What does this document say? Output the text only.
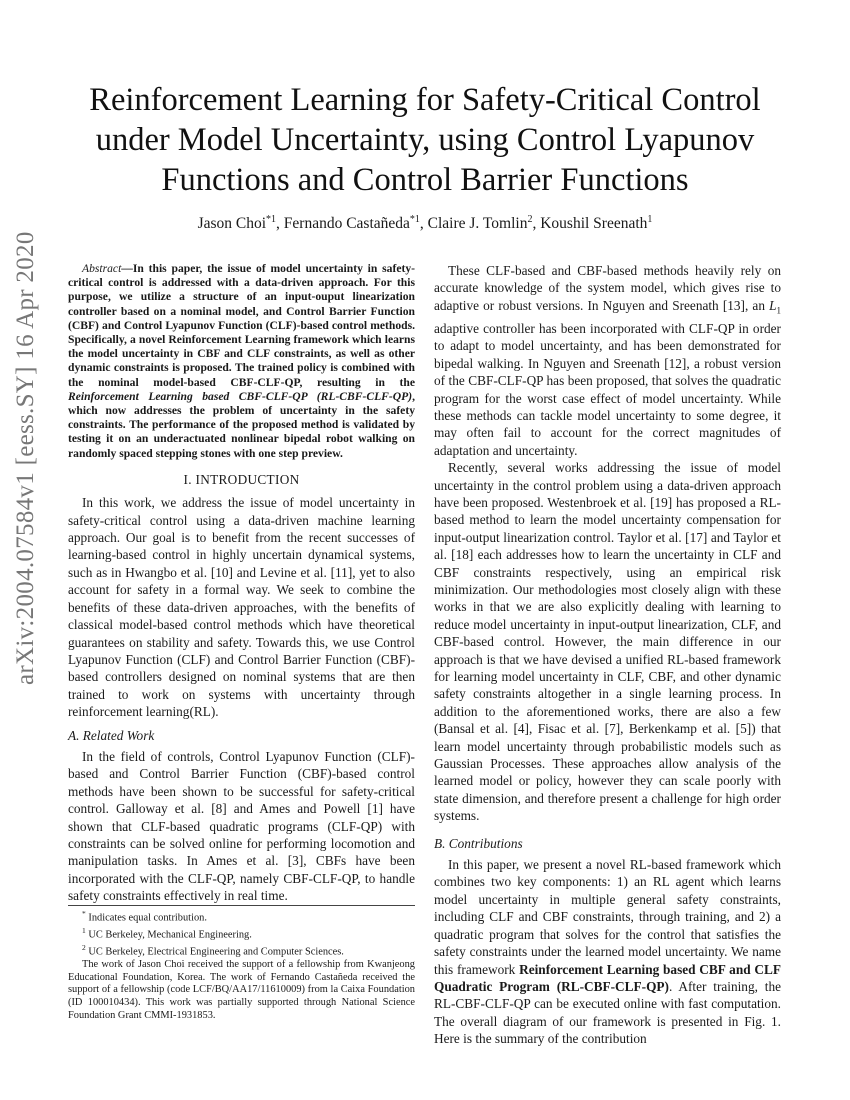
arXiv:2004.07584v1 [eess.SY] 16 Apr 2020
Reinforcement Learning for Safety-Critical Control under Model Uncertainty, using Control Lyapunov Functions and Control Barrier Functions
Jason Choi$^{*1}$, Fernando Castañeda$^{*1}$, Claire J. Tomlin$^2$, Koushil Sreenath$^1$

Abstract—In this paper, the issue of model uncertainty in safety-critical control is addressed with a data-driven approach. For this purpose, we utilize a structure of an input-ouput linearization controller based on a nominal model, and Control Barrier Function (CBF) and Control Lyapunov Function (CLF)-based control methods. Specifically, a novel Reinforcement Learning framework which learns the model uncertainty in CBF and CLF constraints, as well as other dynamic constraints is proposed. The trained policy is combined with the nominal model-based CBF-CLF-QP, resulting in the Reinforcement Learning based CBF-CLF-QP (RL-CBF-CLF-QP), which now addresses the problem of uncertainty in the safety constraints. The performance of the proposed method is validated by testing it on an underactuated nonlinear bipedal robot walking on randomly spaced stepping stones with one step preview.

I. INTRODUCTION

In this work, we address the issue of model uncertainty in safety-critical control using a data-driven machine learning approach. Our goal is to benefit from the recent successes of learning-based control in highly uncertain dynamical systems, such as in Hwangbo et al. [10] and Levine et al. [11], yet to also account for safety in a formal way. We seek to combine the benefits of these data-driven approaches, with the benefits of classical model-based control methods which have theoretical guarantees on stability and safety. Towards this, we use Control Lyapunov Function (CLF) and Control Barrier Function (CBF)-based controllers designed on nominal systems that are then trained to work on systems with uncertainty through reinforcement learning(RL).

A. Related Work

In the field of controls, Control Lyapunov Function (CLF)-based and Control Barrier Function (CBF)-based control methods have been shown to be successful for safety-critical control. Galloway et al. [8] and Ames and Powell [1] have shown that CLF-based quadratic programs (CLF-QP) with constraints can be solved online for performing locomotion and manipulation tasks. In Ames et al. [3], CBFs have been incorporated with the CLF-QP, namely CBF-CLF-QP, to handle safety constraints effectively in real time.

* Indicates equal contribution.

$^1$ UC Berkeley, Mechanical Engineering.

$^2$ UC Berkeley, Electrical Engineering and Computer Sciences.

The work of Jason Choi received the support of a fellowship from Kwanjeong Educational Foundation, Korea. The work of Fernando Castañeda received the support of a fellowship (code LCF/BQ/AA17/11610009) from la Caixa Foundation (ID 100010434). This work was partially supported through National Science Foundation Grant CMMI-1931853.

These CLF-based and CBF-based methods heavily rely on accurate knowledge of the system model, which gives rise to adaptive or robust versions. In Nguyen and Sreenath [13], an $L_1$ adaptive controller has been incorporated with CLF-QP in order to adapt to model uncertainty, and has been demonstrated for bipedal walking. In Nguyen and Sreenath [12], a robust version of the CBF-CLF-QP has been proposed, that solves the quadratic program for the worst case effect of model uncertainty. While these methods can tackle model uncertainty to some degree, it may often fail to account for the correct magnitudes of adaptation and uncertainty.

Recently, several works addressing the issue of model uncertainty in the control problem using a data-driven approach have been proposed. Westenbroek et al. [19] has proposed a RL-based method to learn the model uncertainty compensation for input-output linearization control. Taylor et al. [17] and Taylor et al. [18] each addresses how to learn the uncertainty in CLF and CBF constraints respectively, using an empirical risk minimization. Our methodologies most closely align with these works in that we are also explicitly dealing with learning to reduce model uncertainty in input-output linearization, CLF, and CBF-based control. However, the main difference in our approach is that we have devised a unified RL-based framework for learning model uncertainty in CLF, CBF, and other dynamic safety constraints altogether in a single learning process. In addition to the aforementioned works, there are also a few (Bansal et al. [4], Fisac et al. [7], Berkenkamp et al. [5]) that learn model uncertainty through probabilistic models such as Gaussian Processes. These approaches allow analysis of the learned model or policy, however they can scale poorly with state dimension, and therefore present a challenge for high order systems.

B. Contributions

In this paper, we present a novel RL-based framework which combines two key components: 1) an RL agent which learns model uncertainty in multiple general safety constraints, including CLF and CBF constraints, through training, and 2) a quadratic program that solves for the control that satisfies the safety constraints under the learned model uncertainty. We name this framework Reinforcement Learning based CBF and CLF Quadratic Program (RL-CBF-CLF-QP). After training, the RL-CBF-CLF-QP can be executed online with fast computation. The overall diagram of our framework is presented in Fig. 1. Here is the summary of the contribution
